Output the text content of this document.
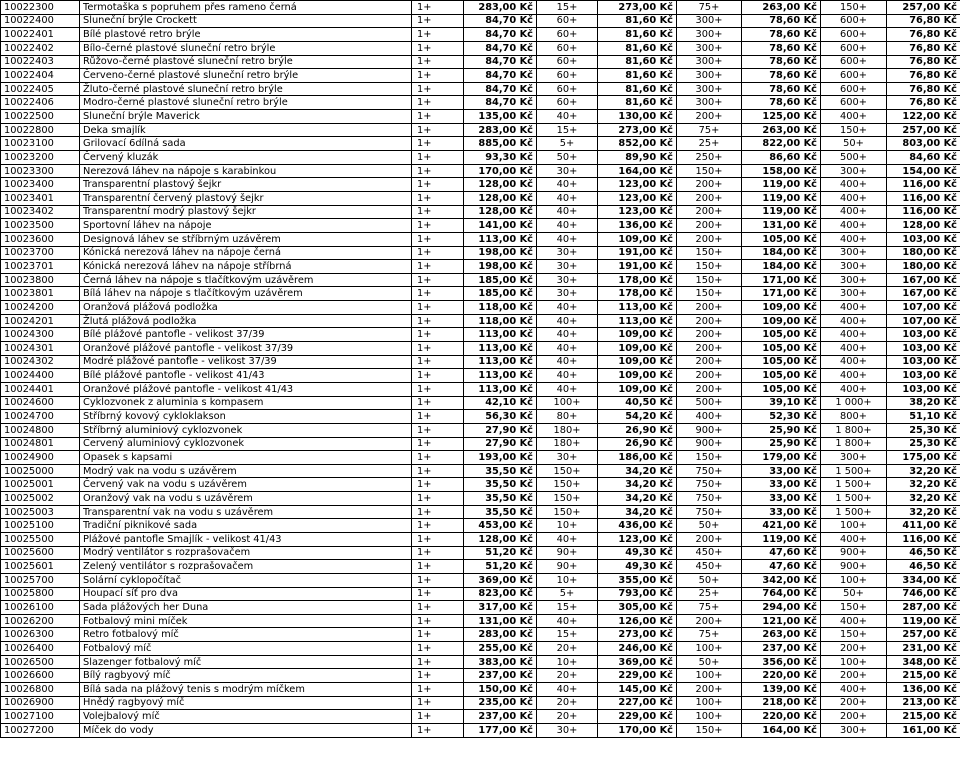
10022300	Termotaška s popruhem přes rameno černá	1+	283,00 Kč	15+	273,00 Kč	75+	263,00 Kč	150+	257,00 Kč
10022400	Sluneční brýle Crockett	1+	84,70 Kč	60+	81,60 Kč	300+	78,60 Kč	600+	76,80 Kč
10022401	Bílé plastové retro brýle	1+	84,70 Kč	60+	81,60 Kč	300+	78,60 Kč	600+	76,80 Kč
10022402	Bílo-černé plastové sluneční retro brýle	1+	84,70 Kč	60+	81,60 Kč	300+	78,60 Kč	600+	76,80 Kč
10022403	Růžovo-černé plastové sluneční retro brýle	1+	84,70 Kč	60+	81,60 Kč	300+	78,60 Kč	600+	76,80 Kč
10022404	Červeno-černé plastové sluneční retro brýle	1+	84,70 Kč	60+	81,60 Kč	300+	78,60 Kč	600+	76,80 Kč
10022405	Žluto-černé plastové sluneční retro brýle	1+	84,70 Kč	60+	81,60 Kč	300+	78,60 Kč	600+	76,80 Kč
10022406	Modro-černé plastové sluneční retro brýle	1+	84,70 Kč	60+	81,60 Kč	300+	78,60 Kč	600+	76,80 Kč
10022500	Sluneční brýle Maverick	1+	135,00 Kč	40+	130,00 Kč	200+	125,00 Kč	400+	122,00 Kč
10022800	Deka smajlík	1+	283,00 Kč	15+	273,00 Kč	75+	263,00 Kč	150+	257,00 Kč
10023100	Grilovací 6dílná sada	1+	885,00 Kč	5+	852,00 Kč	25+	822,00 Kč	50+	803,00 Kč
10023200	Červený kluzák	1+	93,30 Kč	50+	89,90 Kč	250+	86,60 Kč	500+	84,60 Kč
10023300	Nerezová láhev na nápoje s karabinkou	1+	170,00 Kč	30+	164,00 Kč	150+	158,00 Kč	300+	154,00 Kč
10023400	Transparentní plastový šejkr	1+	128,00 Kč	40+	123,00 Kč	200+	119,00 Kč	400+	116,00 Kč
10023401	Transparentní červený plastový šejkr	1+	128,00 Kč	40+	123,00 Kč	200+	119,00 Kč	400+	116,00 Kč
10023402	Transparentní modrý plastový šejkr	1+	128,00 Kč	40+	123,00 Kč	200+	119,00 Kč	400+	116,00 Kč
10023500	Sportovní láhev na nápoje	1+	141,00 Kč	40+	136,00 Kč	200+	131,00 Kč	400+	128,00 Kč
10023600	Designová láhev se stříbrným uzávěrem	1+	113,00 Kč	40+	109,00 Kč	200+	105,00 Kč	400+	103,00 Kč
10023700	Kónická nerezová láhev na nápoje černá	1+	198,00 Kč	30+	191,00 Kč	150+	184,00 Kč	300+	180,00 Kč
10023701	Kónická nerezová láhev na nápoje stříbrná	1+	198,00 Kč	30+	191,00 Kč	150+	184,00 Kč	300+	180,00 Kč
10023800	Černá láhev na nápoje s tlačítkovým uzávěrem	1+	185,00 Kč	30+	178,00 Kč	150+	171,00 Kč	300+	167,00 Kč
10023801	Bílá láhev na nápoje s tlačítkovým uzávěrem	1+	185,00 Kč	30+	178,00 Kč	150+	171,00 Kč	300+	167,00 Kč
10024200	Oranžová plážová podložka	1+	118,00 Kč	40+	113,00 Kč	200+	109,00 Kč	400+	107,00 Kč
10024201	Žlutá plážová podložka	1+	118,00 Kč	40+	113,00 Kč	200+	109,00 Kč	400+	107,00 Kč
10024300	Bílé plážové pantofle - velikost 37/39	1+	113,00 Kč	40+	109,00 Kč	200+	105,00 Kč	400+	103,00 Kč
10024301	Oranžové plážové pantofle - velikost 37/39	1+	113,00 Kč	40+	109,00 Kč	200+	105,00 Kč	400+	103,00 Kč
10024302	Modré plážové pantofle - velikost 37/39	1+	113,00 Kč	40+	109,00 Kč	200+	105,00 Kč	400+	103,00 Kč
10024400	Bílé plážové pantofle - velikost 41/43	1+	113,00 Kč	40+	109,00 Kč	200+	105,00 Kč	400+	103,00 Kč
10024401	Oranžové plážové pantofle - velikost 41/43	1+	113,00 Kč	40+	109,00 Kč	200+	105,00 Kč	400+	103,00 Kč
10024600	Cyklozvonek z aluminia s kompasem	1+	42,10 Kč	100+	40,50 Kč	500+	39,10 Kč	1 000+	38,20 Kč
10024700	Stříbrný kovový cykloklakson	1+	56,30 Kč	80+	54,20 Kč	400+	52,30 Kč	800+	51,10 Kč
10024800	Stříbrný aluminiový cyklozvonek	1+	27,90 Kč	180+	26,90 Kč	900+	25,90 Kč	1 800+	25,30 Kč
10024801	Červený aluminiový cyklozvonek	1+	27,90 Kč	180+	26,90 Kč	900+	25,90 Kč	1 800+	25,30 Kč
10024900	Opasek s kapsami	1+	193,00 Kč	30+	186,00 Kč	150+	179,00 Kč	300+	175,00 Kč
10025000	Modrý vak na vodu s uzávěrem	1+	35,50 Kč	150+	34,20 Kč	750+	33,00 Kč	1 500+	32,20 Kč
10025001	Červený vak na vodu s uzávěrem	1+	35,50 Kč	150+	34,20 Kč	750+	33,00 Kč	1 500+	32,20 Kč
10025002	Oranžový vak na vodu s uzávěrem	1+	35,50 Kč	150+	34,20 Kč	750+	33,00 Kč	1 500+	32,20 Kč
10025003	Transparentní vak na vodu s uzávěrem	1+	35,50 Kč	150+	34,20 Kč	750+	33,00 Kč	1 500+	32,20 Kč
10025100	Tradiční piknikové sada	1+	453,00 Kč	10+	436,00 Kč	50+	421,00 Kč	100+	411,00 Kč
10025500	Plážové pantofle Smajlík - velikost 41/43	1+	128,00 Kč	40+	123,00 Kč	200+	119,00 Kč	400+	116,00 Kč
10025600	Modrý ventilátor s rozprašovačem	1+	51,20 Kč	90+	49,30 Kč	450+	47,60 Kč	900+	46,50 Kč
10025601	Zelený ventilátor s rozprašovačem	1+	51,20 Kč	90+	49,30 Kč	450+	47,60 Kč	900+	46,50 Kč
10025700	Solární cyklopočítač	1+	369,00 Kč	10+	355,00 Kč	50+	342,00 Kč	100+	334,00 Kč
10025800	Houpací síť pro dva	1+	823,00 Kč	5+	793,00 Kč	25+	764,00 Kč	50+	746,00 Kč
10026100	Sada plážových her Duna	1+	317,00 Kč	15+	305,00 Kč	75+	294,00 Kč	150+	287,00 Kč
10026200	Fotbalový mini míček	1+	131,00 Kč	40+	126,00 Kč	200+	121,00 Kč	400+	119,00 Kč
10026300	Retro fotbalový míč	1+	283,00 Kč	15+	273,00 Kč	75+	263,00 Kč	150+	257,00 Kč
10026400	Fotbalový míč	1+	255,00 Kč	20+	246,00 Kč	100+	237,00 Kč	200+	231,00 Kč
10026500	Slazenger fotbalový míč	1+	383,00 Kč	10+	369,00 Kč	50+	356,00 Kč	100+	348,00 Kč
10026600	Bílý ragbyový míč	1+	237,00 Kč	20+	229,00 Kč	100+	220,00 Kč	200+	215,00 Kč
10026800	Bílá sada na plážový tenis s modrým míčkem	1+	150,00 Kč	40+	145,00 Kč	200+	139,00 Kč	400+	136,00 Kč
10026900	Hnědý ragbyový míč	1+	235,00 Kč	20+	227,00 Kč	100+	218,00 Kč	200+	213,00 Kč
10027100	Volejbalový míč	1+	237,00 Kč	20+	229,00 Kč	100+	220,00 Kč	200+	215,00 Kč
10027200	Míček do vody	1+	177,00 Kč	30+	170,00 Kč	150+	164,00 Kč	300+	161,00 Kč
